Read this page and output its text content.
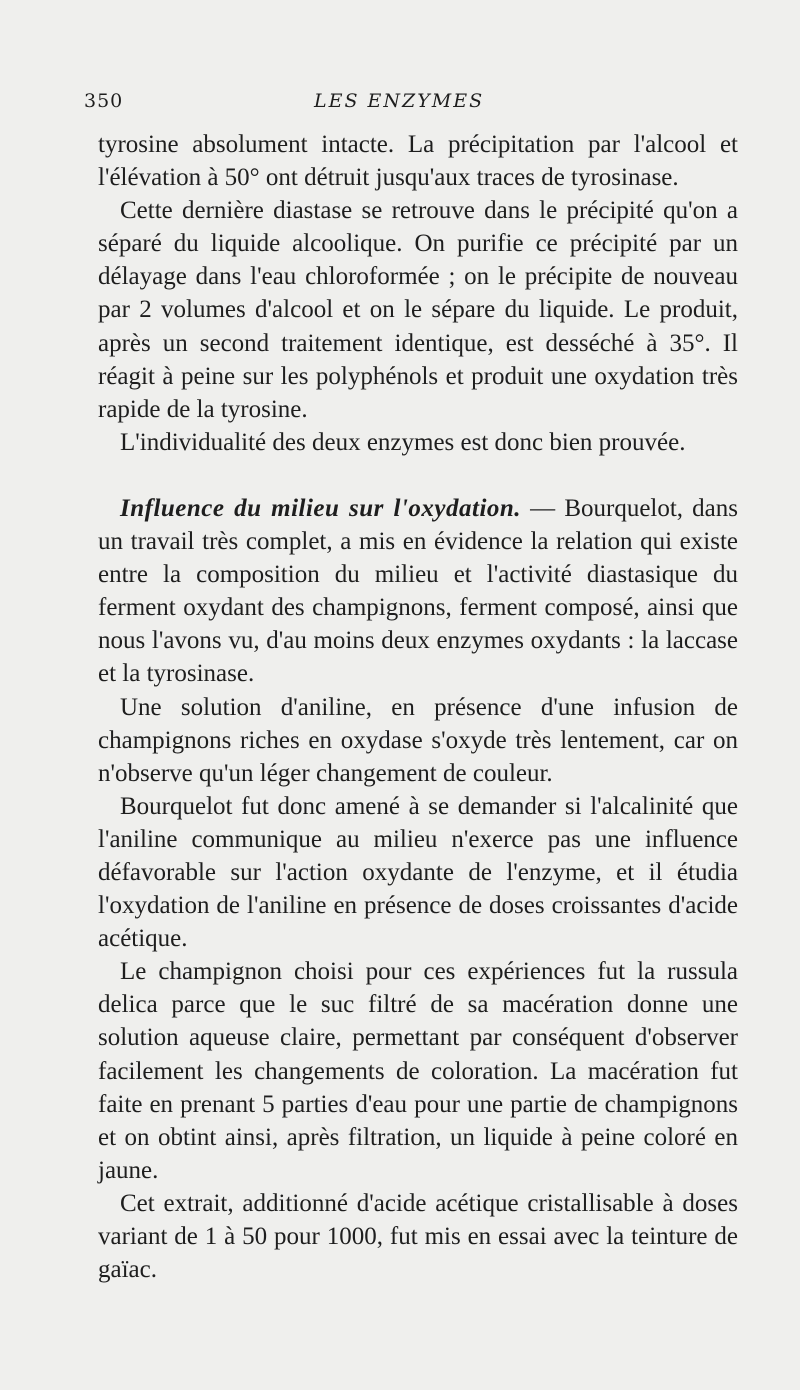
350	LES ENZYMES

tyrosine absolument intacte. La précipitation par l'alcool et l'élévation à 50° ont détruit jusqu'aux traces de tyrosinase.

Cette dernière diastase se retrouve dans le précipité qu'on a séparé du liquide alcoolique. On purifie ce précipité par un délayage dans l'eau chloroformée ; on le précipite de nouveau par 2 volumes d'alcool et on le sépare du liquide. Le produit, après un second traitement identique, est desséché à 35°. Il réagit à peine sur les polyphénols et produit une oxydation très rapide de la tyrosine.

L'individualité des deux enzymes est donc bien prouvée.

Influence du milieu sur l'oxydation. — Bourquelot, dans un travail très complet, a mis en évidence la relation qui existe entre la composition du milieu et l'activité diastasique du ferment oxydant des champignons, ferment composé, ainsi que nous l'avons vu, d'au moins deux enzymes oxydants : la laccase et la tyrosinase.

Une solution d'aniline, en présence d'une infusion de champignons riches en oxydase s'oxyde très lentement, car on n'observe qu'un léger changement de couleur.

Bourquelot fut donc amené à se demander si l'alcalinité que l'aniline communique au milieu n'exerce pas une influence défavorable sur l'action oxydante de l'enzyme, et il étudia l'oxydation de l'aniline en présence de doses croissantes d'acide acétique.

Le champignon choisi pour ces expériences fut la russula delica parce que le suc filtré de sa macération donne une solution aqueuse claire, permettant par conséquent d'observer facilement les changements de coloration. La macération fut faite en prenant 5 parties d'eau pour une partie de champignons et on obtint ainsi, après filtration, un liquide à peine coloré en jaune.

Cet extrait, additionné d'acide acétique cristallisable à doses variant de 1 à 50 pour 1000, fut mis en essai avec la teinture de gaïac.
